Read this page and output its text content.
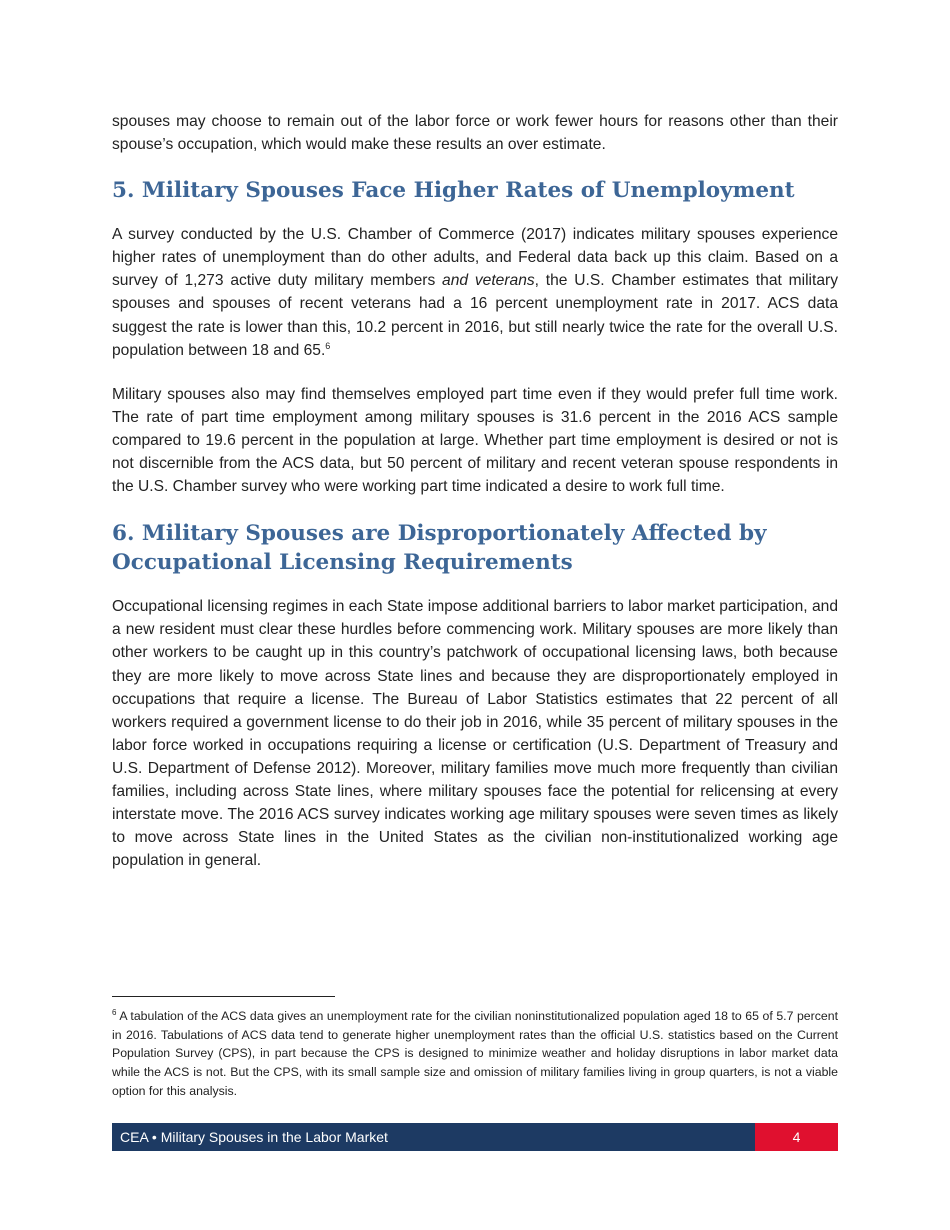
spouses may choose to remain out of the labor force or work fewer hours for reasons other than their spouse’s occupation, which would make these results an over estimate.

5. Military Spouses Face Higher Rates of Unemployment

A survey conducted by the U.S. Chamber of Commerce (2017) indicates military spouses experience higher rates of unemployment than do other adults, and Federal data back up this claim. Based on a survey of 1,273 active duty military members and veterans, the U.S. Chamber estimates that military spouses and spouses of recent veterans had a 16 percent unemployment rate in 2017. ACS data suggest the rate is lower than this, 10.2 percent in 2016, but still nearly twice the rate for the overall U.S. population between 18 and 65.$^6$

Military spouses also may find themselves employed part time even if they would prefer full time work. The rate of part time employment among military spouses is 31.6 percent in the 2016 ACS sample compared to 19.6 percent in the population at large. Whether part time employment is desired or not is not discernible from the ACS data, but 50 percent of military and recent veteran spouse respondents in the U.S. Chamber survey who were working part time indicated a desire to work full time.

6. Military Spouses are Disproportionately Affected by
Occupational Licensing Requirements

Occupational licensing regimes in each State impose additional barriers to labor market participation, and a new resident must clear these hurdles before commencing work. Military spouses are more likely than other workers to be caught up in this country’s patchwork of occupational licensing laws, both because they are more likely to move across State lines and because they are disproportionately employed in occupations that require a license. The Bureau of Labor Statistics estimates that 22 percent of all workers required a government license to do their job in 2016, while 35 percent of military spouses in the labor force worked in occupations requiring a license or certification (U.S. Department of Treasury and U.S. Department of Defense 2012). Moreover, military families move much more frequently than civilian families, including across State lines, where military spouses face the potential for relicensing at every interstate move. The 2016 ACS survey indicates working age military spouses were seven times as likely to move across State lines in the United States as the civilian non-institutionalized working age population in general.

$^6$ A tabulation of the ACS data gives an unemployment rate for the civilian noninstitutionalized population aged 18 to 65 of 5.7 percent in 2016. Tabulations of ACS data tend to generate higher unemployment rates than the official U.S. statistics based on the Current Population Survey (CPS), in part because the CPS is designed to minimize weather and holiday disruptions in labor market data while the ACS is not. But the CPS, with its small sample size and omission of military families living in group quarters, is not a viable option for this analysis.

CEA • Military Spouses in the Labor Market	4
